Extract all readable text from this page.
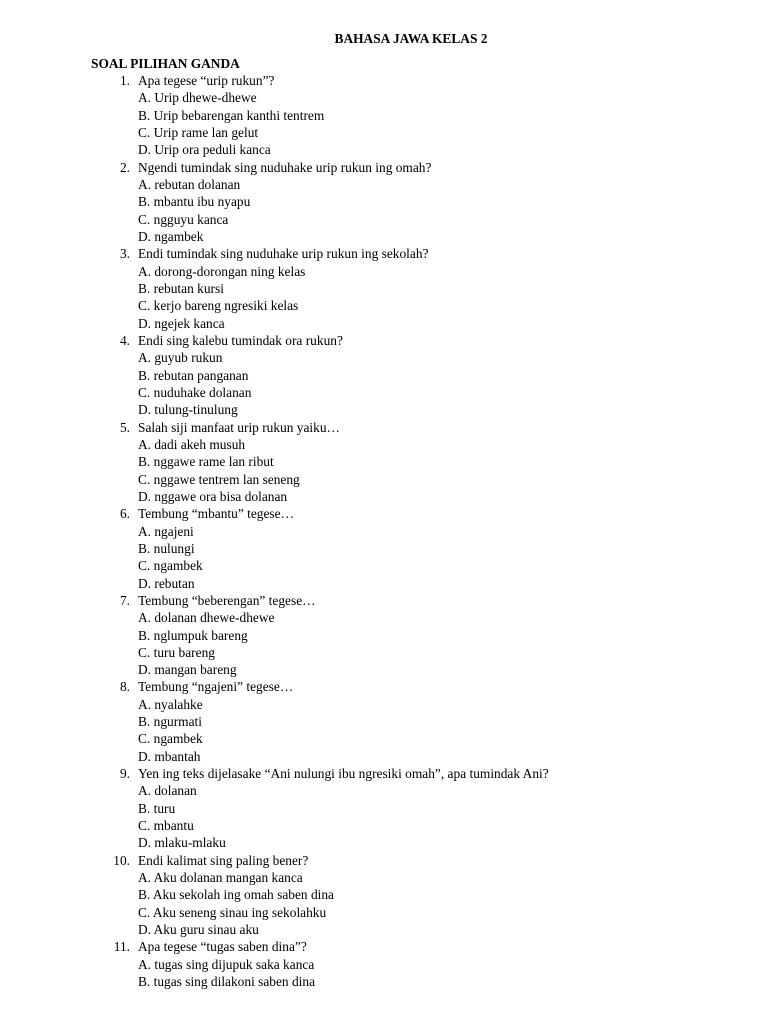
BAHASA JAWA KELAS 2
SOAL PILIHAN GANDA
1. Apa tegese “urip rukun”?
A. Urip dhewe-dhewe
B. Urip bebarengan kanthi tentrem
C. Urip rame lan gelut
D. Urip ora peduli kanca
2. Ngendi tumindak sing nuduhake urip rukun ing omah?
A. rebutan dolanan
B. mbantu ibu nyapu
C. ngguyu kanca
D. ngambek
3. Endi tumindak sing nuduhake urip rukun ing sekolah?
A. dorong-dorongan ning kelas
B. rebutan kursi
C. kerjo bareng ngresiki kelas
D. ngejek kanca
4. Endi sing kalebu tumindak ora rukun?
A. guyub rukun
B. rebutan panganan
C. nuduhake dolanan
D. tulung-tinulung
5. Salah siji manfaat urip rukun yaiku…
A. dadi akeh musuh
B. nggawe rame lan ribut
C. nggawe tentrem lan seneng
D. nggawe ora bisa dolanan
6. Tembung “mbantu” tegese…
A. ngajeni
B. nulungi
C. ngambek
D. rebutan
7. Tembung “beberengan” tegese…
A. dolanan dhewe-dhewe
B. nglumpuk bareng
C. turu bareng
D. mangan bareng
8. Tembung “ngajeni” tegese…
A. nyalahke
B. ngurmati
C. ngambek
D. mbantah
9. Yen ing teks dijelasake “Ani nulungi ibu ngresiki omah”, apa tumindak Ani?
A. dolanan
B. turu
C. mbantu
D. mlaku-mlaku
10. Endi kalimat sing paling bener?
A. Aku dolanan mangan kanca
B. Aku sekolah ing omah saben dina
C. Aku seneng sinau ing sekolahku
D. Aku guru sinau aku
11. Apa tegese “tugas saben dina”?
A. tugas sing dijupuk saka kanca
B. tugas sing dilakoni saben dina
